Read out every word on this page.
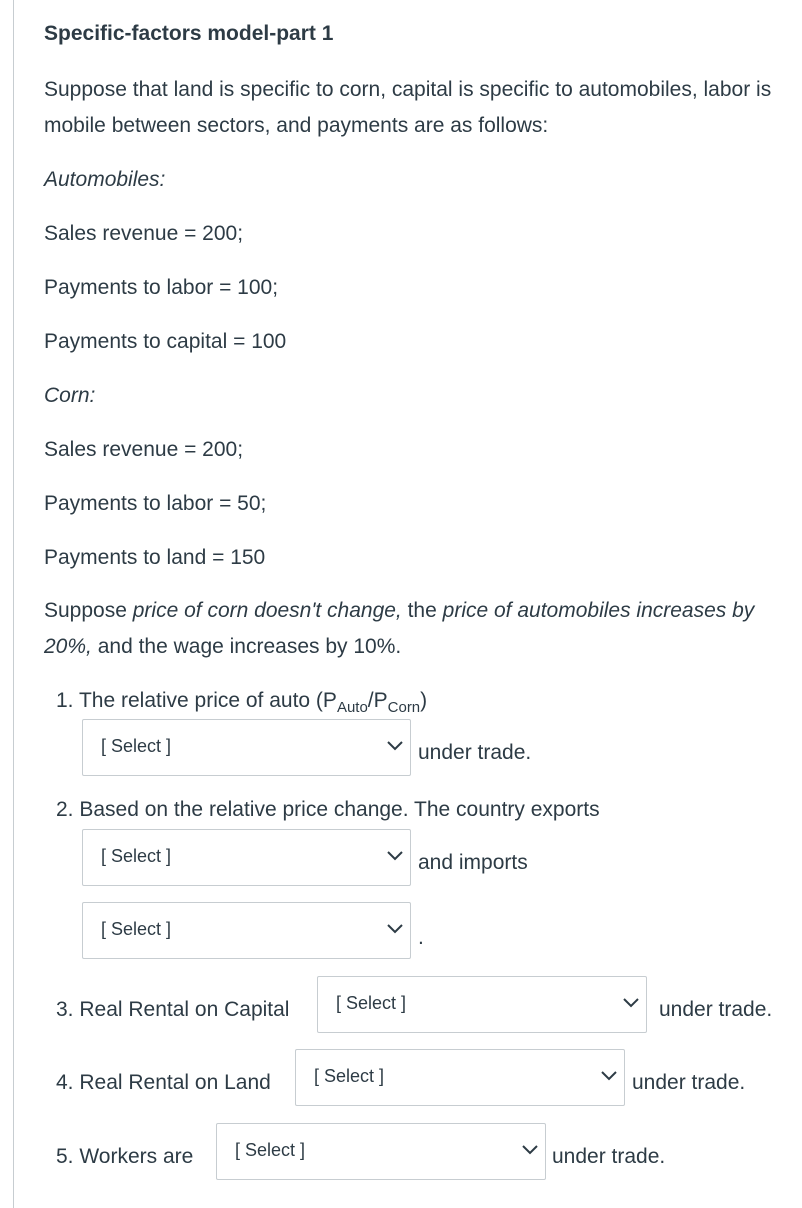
Specific-factors model-part 1
Suppose that land is specific to corn, capital is specific to automobiles, labor is mobile between sectors, and payments are as follows:
Automobiles:
Sales revenue = 200;
Payments to labor = 100;
Payments to capital = 100
Corn:
Sales revenue = 200;
Payments to labor = 50;
Payments to land = 150
Suppose price of corn doesn't change, the price of automobiles increases by 20%, and the wage increases by 10%.
1. The relative price of auto $(P_{Auto}/P_{Corn})$
[ Select ]	under trade.
2. Based on the relative price change. The country exports
[ Select ]	and imports
[ Select ]	.
3. Real Rental on Capital	[ Select ]	under trade.
4. Real Rental on Land [ Select ]	under trade.
5. Workers are [ Select ]	under trade.
